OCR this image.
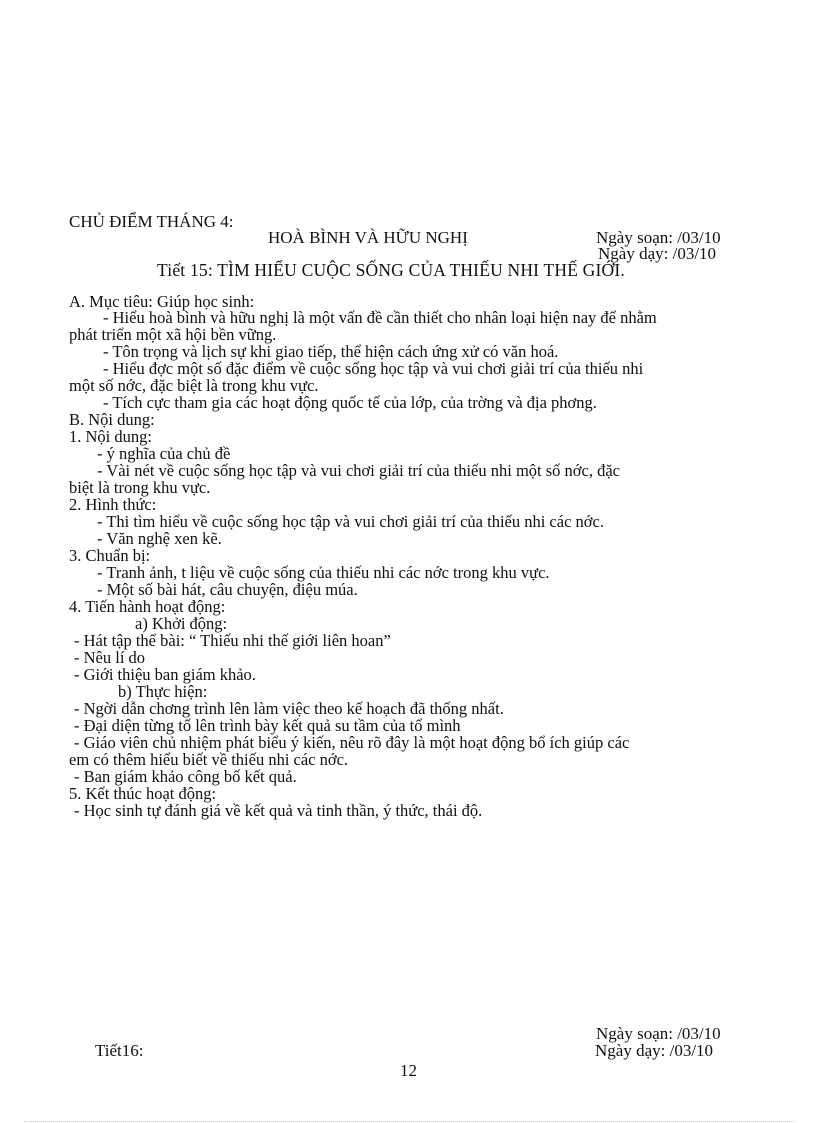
CHỦ ĐIỂM THÁNG 4:
HOÀ BÌNH VÀ HỮU NGHỊ	Ngày soạn: /03/10
Ngày dạy: /03/10
Tiết 15: TÌM HIỂU CUỘC SỐNG CỦA THIẾU NHI THẾ GIỚI.
A. Mục tiêu: Giúp học sinh:
- Hiểu hoà bình và hữu nghị là một vấn đề cần thiết cho nhân loại hiện nay để nhằm
phát triển một xã hội bền vững.
- Tôn trọng và lịch sự khi giao tiếp, thể hiện cách ứng xử có văn hoá.
- Hiểu đợc một số đặc điểm về cuộc sống học tập và vui chơi giải trí của thiếu nhi
một số nớc, đặc biệt là trong khu vực.
- Tích cực tham gia các hoạt động quốc tế của lớp, của trờng và địa phơng.
B. Nội dung:
1. Nội dung:
- ý nghĩa của chủ đề
- Vài nét về cuộc sống học tập và vui chơi giải trí của thiếu nhi một số nớc, đặc
biệt là trong khu vực.
2. Hình thức:
- Thi tìm hiểu về cuộc sống học tập và vui chơi giải trí của thiếu nhi các nớc.
- Văn nghệ xen kẽ.
3. Chuẩn bị:
- Tranh ảnh, t liệu về cuộc sống của thiếu nhi các nớc trong khu vực.
- Một số bài hát, câu chuyện, điệu múa.
4. Tiến hành hoạt động:
a) Khởi động:
- Hát tập thể bài: “ Thiếu nhi thế giới liên hoan”
- Nêu lí do
- Giới thiệu ban giám khảo.
b) Thực hiện:
- Ngời dẫn chơng trình lên làm việc theo kế hoạch đã thống nhất.
- Đại diện từng tổ lên trình bày kết quả su tầm của tổ mình
- Giáo viên chủ nhiệm phát biểu ý kiến, nêu rõ đây là một hoạt động bổ ích giúp các
em có thêm hiểu biết về thiếu nhi các nớc.
- Ban giám khảo công bố kết quả.
5. Kết thúc hoạt động:
- Học sinh tự đánh giá về kết quả và tinh thần, ý thức, thái độ.
Ngày soạn: /03/10
Tiết16:	Ngày dạy: /03/10
12
